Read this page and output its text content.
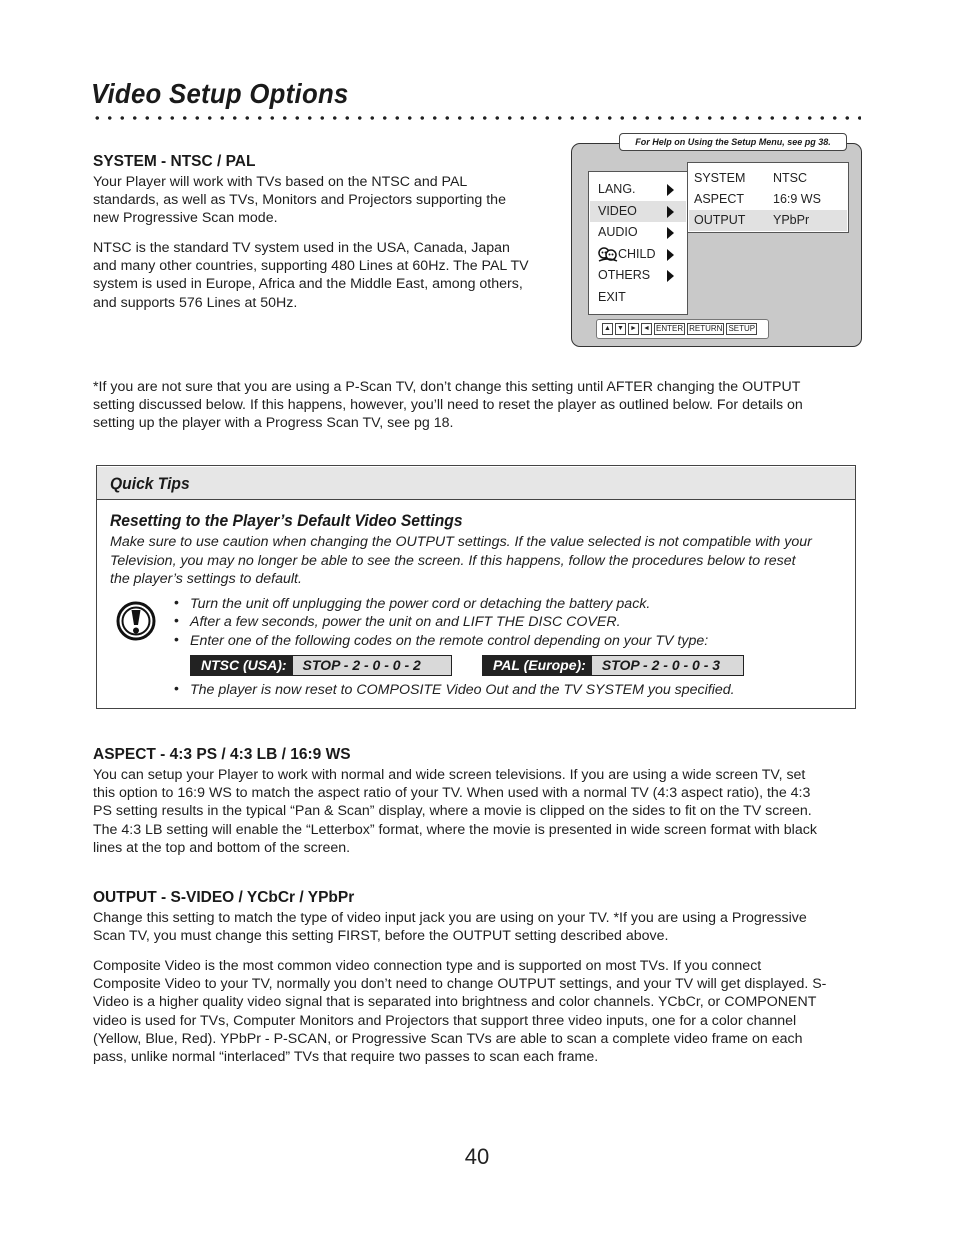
Video Setup Options
SYSTEM - NTSC / PAL

Your Player will work with TVs based on the NTSC and PAL

standards, as well as TVs, Monitors and Projectors supporting the

new Progressive Scan mode.

NTSC is the standard TV system used in the USA, Canada, Japan

and many other countries, supporting 480 Lines at 60Hz. The PAL TV

system is used in Europe, Africa and the Middle East, among others,

and supports 576 Lines at 50Hz.

For Help on Using the Setup Menu, see pg 38.
LANG.
VIDEO
AUDIO
CHILD
OTHERS
EXIT
SYSTEM NTSC
ASPECT 16:9 WS
OUTPUT YPbPr
▲ ▼ ► ◄ ENTER RETURN SETUP

*If you are not sure that you are using a P-Scan TV, don’t change this setting until AFTER changing the OUTPUT

setting discussed below. If this happens, however, you’ll need to reset the player as outlined below. For details on

setting up the player with a Progress Scan TV, see pg 18.

Quick Tips
Resetting to the Player’s Default Video Settings

Make sure to use caution when changing the OUTPUT settings. If the value selected is not compatible with your

Television, you may no longer be able to see the screen. If this happens, follow the procedures below to reset

the player’s settings to default.

• Turn the unit off unplugging the power cord or detaching the battery pack.
• After a few seconds, power the unit on and LIFT THE DISC COVER.
• Enter one of the following codes on the remote control depending on your TV type:
NTSC (USA):	STOP - 2 - 0 - 0 - 2	PAL (Europe):	STOP - 2 - 0 - 0 - 3
• The player is now reset to COMPOSITE Video Out and the TV SYSTEM you specified.
ASPECT - 4:3 PS / 4:3 LB / 16:9 WS

You can setup your Player to work with normal and wide screen televisions. If you are using a wide screen TV, set

this option to 16:9 WS to match the aspect ratio of your TV. When used with a normal TV (4:3 aspect ratio), the 4:3

PS setting results in the typical “Pan & Scan” display, where a movie is clipped on the sides to fit on the TV screen.

The 4:3 LB setting will enable the “Letterbox” format, where the movie is presented in wide screen format with black

lines at the top and bottom of the screen.

OUTPUT - S-VIDEO / YCbCr / YPbPr

Change this setting to match the type of video input jack you are using on your TV. *If you are using a Progressive

Scan TV, you must change this setting FIRST, before the OUTPUT setting described above.

Composite Video is the most common video connection type and is supported on most TVs. If you connect

Composite Video to your TV, normally you don’t need to change OUTPUT settings, and your TV will get displayed. S-

Video is a higher quality video signal that is separated into brightness and color channels. YCbCr, or COMPONENT

video is used for TVs, Computer Monitors and Projectors that support three video inputs, one for a color channel

(Yellow, Blue, Red). YPbPr - P-SCAN, or Progressive Scan TVs are able to scan a complete video frame on each

pass, unlike normal “interlaced” TVs that require two passes to scan each frame.

40
